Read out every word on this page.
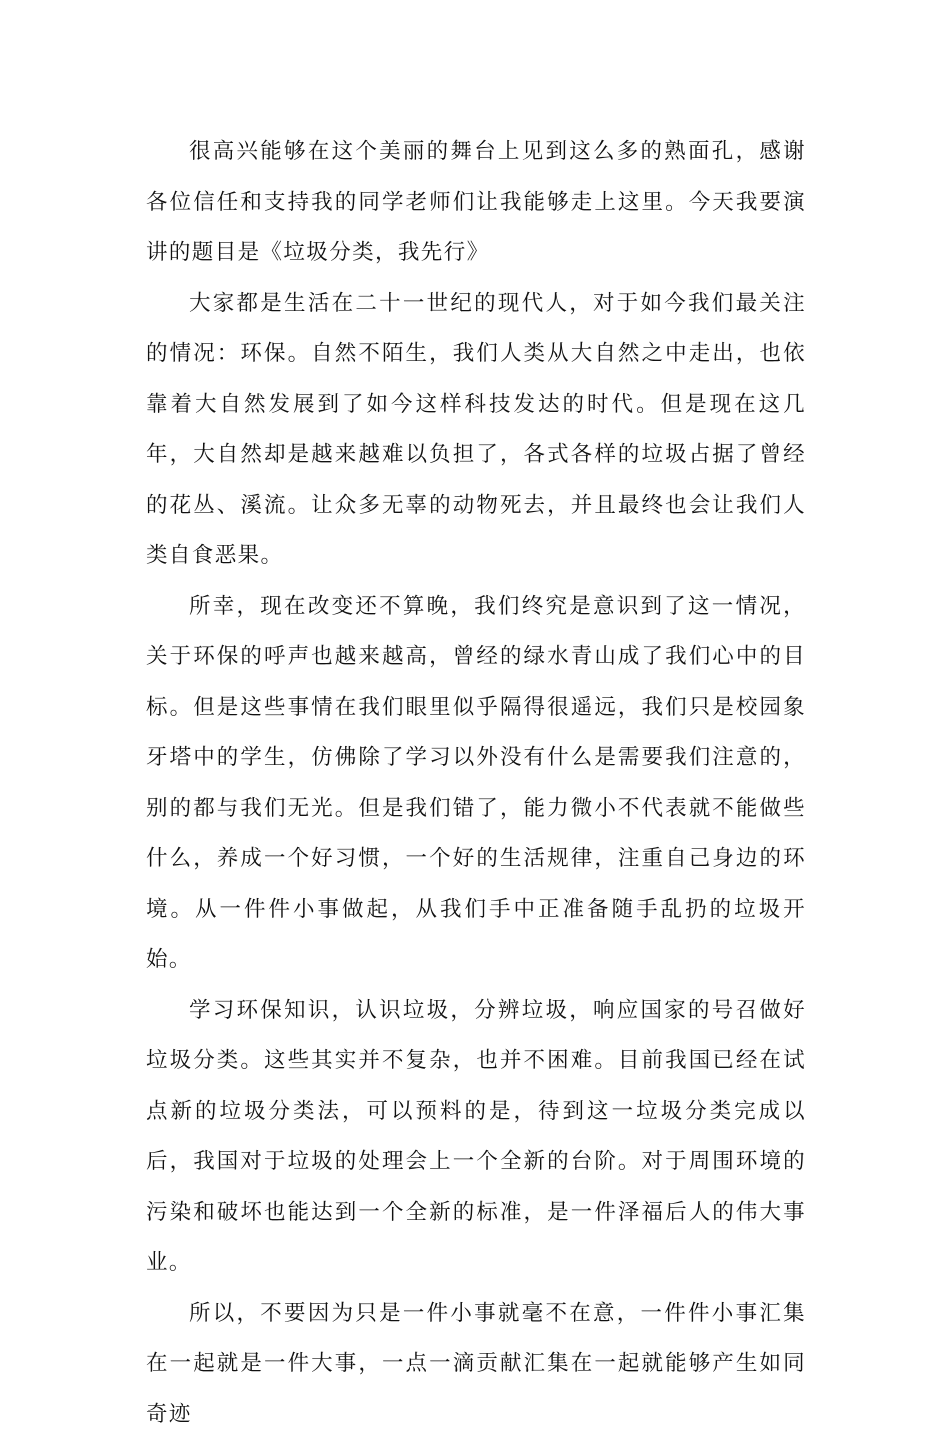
很高兴能够在这个美丽的舞台上见到这么多的熟面孔，感谢各位信任和支持我的同学老师们让我能够走上这里。今天我要演讲的题目是《垃圾分类，我先行》

大家都是生活在二十一世纪的现代人，对于如今我们最关注的情况：环保。自然不陌生，我们人类从大自然之中走出，也依靠着大自然发展到了如今这样科技发达的时代。但是现在这几年，大自然却是越来越难以负担了，各式各样的垃圾占据了曾经的花丛、溪流。让众多无辜的动物死去，并且最终也会让我们人类自食恶果。

所幸，现在改变还不算晚，我们终究是意识到了这一情况，关于环保的呼声也越来越高，曾经的绿水青山成了我们心中的目标。但是这些事情在我们眼里似乎隔得很遥远，我们只是校园象牙塔中的学生，仿佛除了学习以外没有什么是需要我们注意的，别的都与我们无光。但是我们错了，能力微小不代表就不能做些什么，养成一个好习惯，一个好的生活规律，注重自己身边的环境。从一件件小事做起，从我们手中正准备随手乱扔的垃圾开始。

学习环保知识，认识垃圾，分辨垃圾，响应国家的号召做好垃圾分类。这些其实并不复杂，也并不困难。目前我国已经在试点新的垃圾分类法，可以预料的是，待到这一垃圾分类完成以后，我国对于垃圾的处理会上一个全新的台阶。对于周围环境的污染和破坏也能达到一个全新的标准，是一件泽福后人的伟大事业。

所以，不要因为只是一件小事就毫不在意，一件件小事汇集在一起就是一件大事，一点一滴贡献汇集在一起就能够产生如同奇迹
